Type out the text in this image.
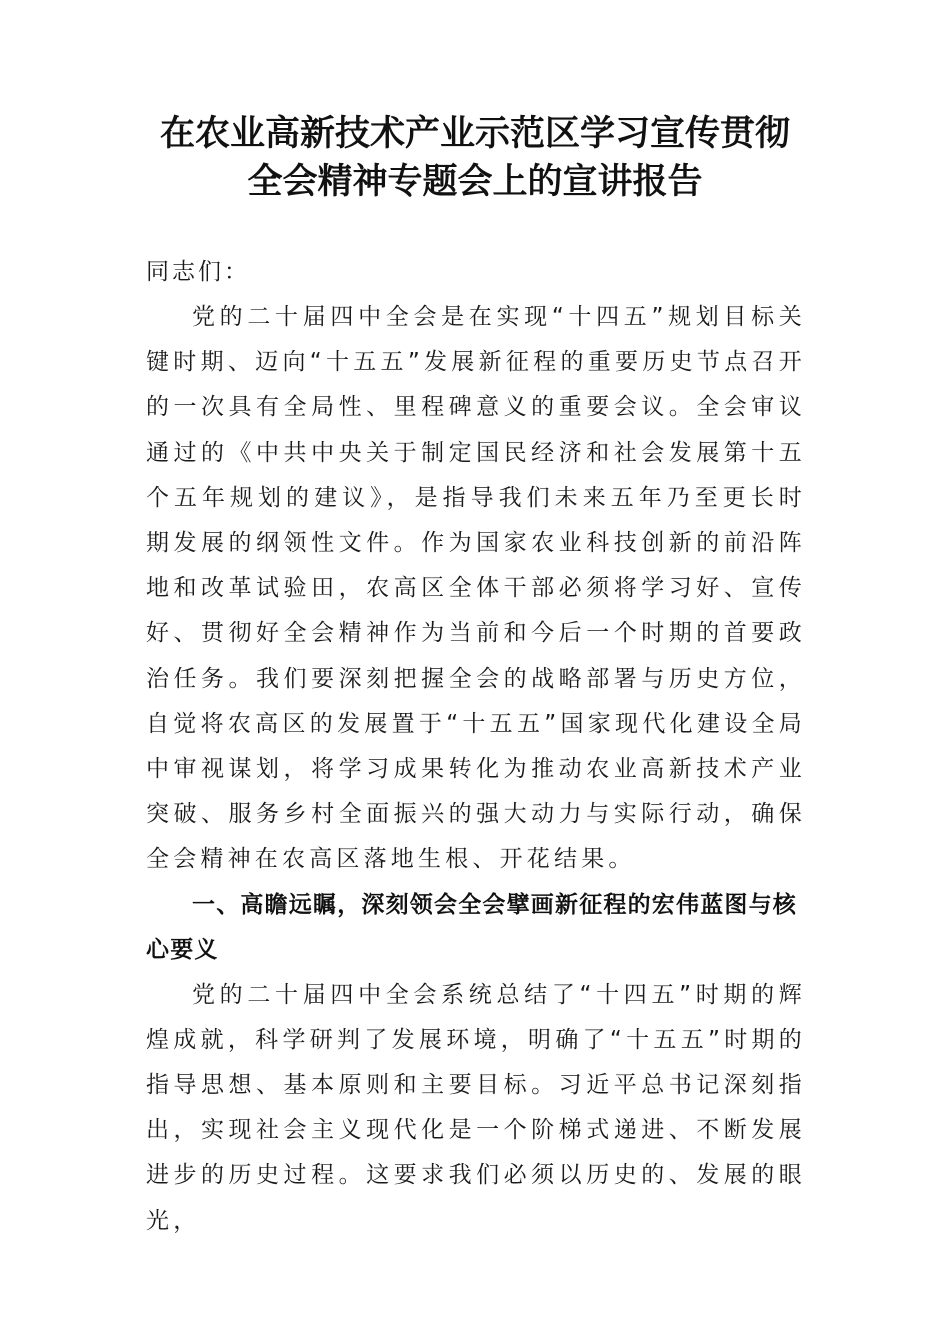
在农业高新技术产业示范区学习宣传贯彻
全会精神专题会上的宣讲报告
同志们：

党的二十届四中全会是在实现“十四五”规划目标关键时期、迈向“十五五”发展新征程的重要历史节点召开的一次具有全局性、里程碑意义的重要会议。全会审议通过的《中共中央关于制定国民经济和社会发展第十五个五年规划的建议》，是指导我们未来五年乃至更长时期发展的纲领性文件。作为国家农业科技创新的前沿阵地和改革试验田，农高区全体干部必须将学习好、宣传好、贯彻好全会精神作为当前和今后一个时期的首要政治任务。我们要深刻把握全会的战略部署与历史方位，自觉将农高区的发展置于“十五五”国家现代化建设全局中审视谋划，将学习成果转化为推动农业高新技术产业突破、服务乡村全面振兴的强大动力与实际行动，确保全会精神在农高区落地生根、开花结果。

一、高瞻远瞩，深刻领会全会擘画新征程的宏伟蓝图与核心要义

党的二十届四中全会系统总结了“十四五”时期的辉煌成就，科学研判了发展环境，明确了“十五五”时期的指导思想、基本原则和主要目标。习近平总书记深刻指出，实现社会主义现代化是一个阶梯式递进、不断发展进步的历史过程。这要求我们必须以历史的、发展的眼光，
